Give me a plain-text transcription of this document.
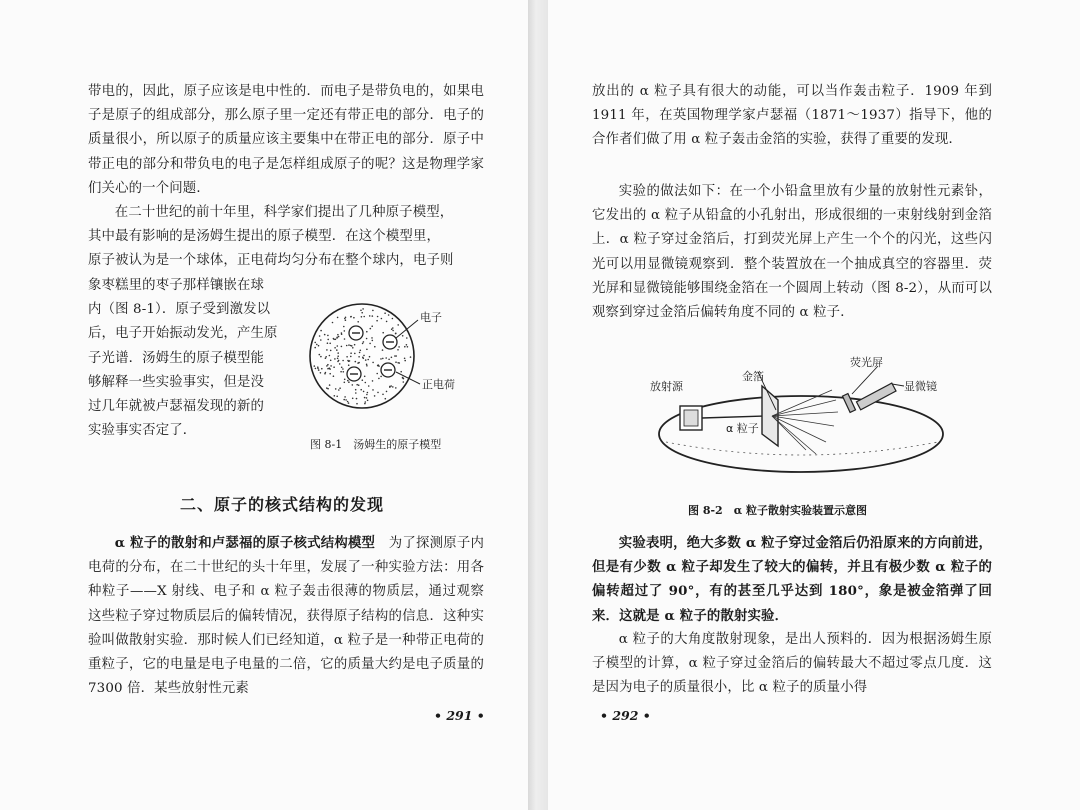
带电的，因此，原子应该是电中性的．而电子是带负电的，如果电子是原子的组成部分，那么原子里一定还有带正电的部分．电子的质量很小，所以原子的质量应该主要集中在带正电的部分．原子中带正电的部分和带负电的电子是怎样组成原子的呢？这是物理学家们关心的一个问题．

在二十世纪的前十年里，科学家们提出了几种原子模型，

其中最有影响的是汤姆生提出的原子模型．在这个模型里，

原子被认为是一个球体，正电荷均匀分布在整个球内，电子则

象枣糕里的枣子那样镶嵌在球

内（图 8-1）．原子受到激发以

后，电子开始振动发光，产生原

子光谱．汤姆生的原子模型能

够解释一些实验事实，但是没

过几年就被卢瑟福发现的新的

实验事实否定了．

电子
正电荷
图 8-1　汤姆生的原子模型
二、原子的核式结构的发现

α 粒子的散射和卢瑟福的原子核式结构模型　为了探测原子内电荷的分布，在二十世纪的头十年里，发展了一种实验方法：用各种粒子——X 射线、电子和 α 粒子轰击很薄的物质层，通过观察这些粒子穿过物质层后的偏转情况，获得原子结构的信息．这种实验叫做散射实验．那时候人们已经知道，α 粒子是一种带正电荷的重粒子，它的电量是电子电量的二倍，它的质量大约是电子质量的 7300 倍．某些放射性元素

• 291 •

放出的 α 粒子具有很大的动能，可以当作轰击粒子．1909 年到 1911 年，在英国物理学家卢瑟福（1871～1937）指导下，他的合作者们做了用 α 粒子轰击金箔的实验，获得了重要的发现．

实验的做法如下：在一个小铅盒里放有少量的放射性元素钋，它发出的 α 粒子从铅盒的小孔射出，形成很细的一束射线射到金箔上．α 粒子穿过金箔后，打到荧光屏上产生一个个的闪光，这些闪光可以用显微镜观察到．整个装置放在一个抽成真空的容器里．荧光屏和显微镜能够围绕金箔在一个圆周上转动（图 8-2），从而可以观察到穿过金箔后偏转角度不同的 α 粒子．

放射源
金箔
荧光屏
显微镜
α 粒子
图 8-2　α 粒子散射实验装置示意图

实验表明，绝大多数 α 粒子穿过金箔后仍沿原来的方向前进，但是有少数 α 粒子却发生了较大的偏转，并且有极少数 α 粒子的偏转超过了 90°，有的甚至几乎达到 180°，象是被金箔弹了回来．这就是 α 粒子的散射实验．

α 粒子的大角度散射现象，是出人预料的．因为根据汤姆生原子模型的计算，α 粒子穿过金箔后的偏转最大不超过零点几度．这是因为电子的质量很小，比 α 粒子的质量小得

• 292 •
